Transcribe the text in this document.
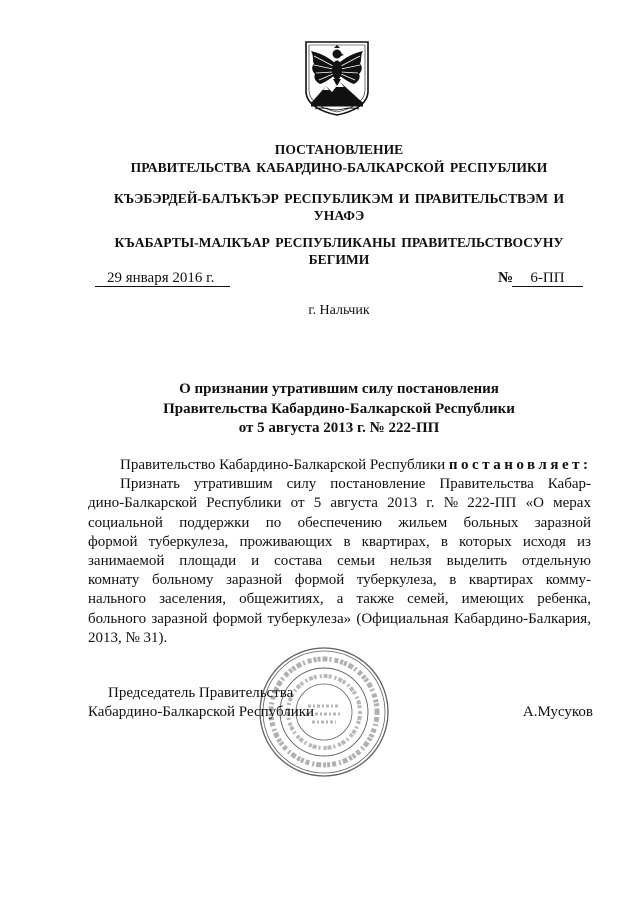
ПОСТАНОВЛЕНИЕ
ПРАВИТЕЛЬСТВА КАБАРДИНО-БАЛКАРСКОЙ РЕСПУБЛИКИ
КЪЭБЭРДЕЙ-БАЛЪКЪЭР РЕСПУБЛИКЭМ И ПРАВИТЕЛЬСТВЭМ И
УНАФЭ
КЪАБАРТЫ-МАЛКЪАР РЕСПУБЛИКАНЫ ПРАВИТЕЛЬСТВОСУНУ
БЕГИМИ
29 января 2016 г.	№	6-ПП
г. Нальчик
О признании утратившим силу постановления
Правительства Кабардино-Балкарской Республики
от 5 августа 2013 г. № 222-ПП
Правительство Кабардино-Балкарской Республики постановляет:
Признать утратившим силу постановление Правительства Кабар-
дино-Балкарской Республики от 5 августа 2013 г. № 222-ПП «О мерах
социальной поддержки по обеспечению жильем больных заразной
формой туберкулеза, проживающих в квартирах, в которых исходя из
занимаемой площади и состава семьи нельзя выделить отдельную
комнату больному заразной формой туберкулеза, в квартирах комму-
нального заселения, общежитиях, а также семей, имеющих ребенка,
больного заразной формой туберкулеза» (Официальная Кабардино-Балкария,
2013, № 31).
Председатель Правительства
Кабардино-Балкарской Республики	А.Мусуков
